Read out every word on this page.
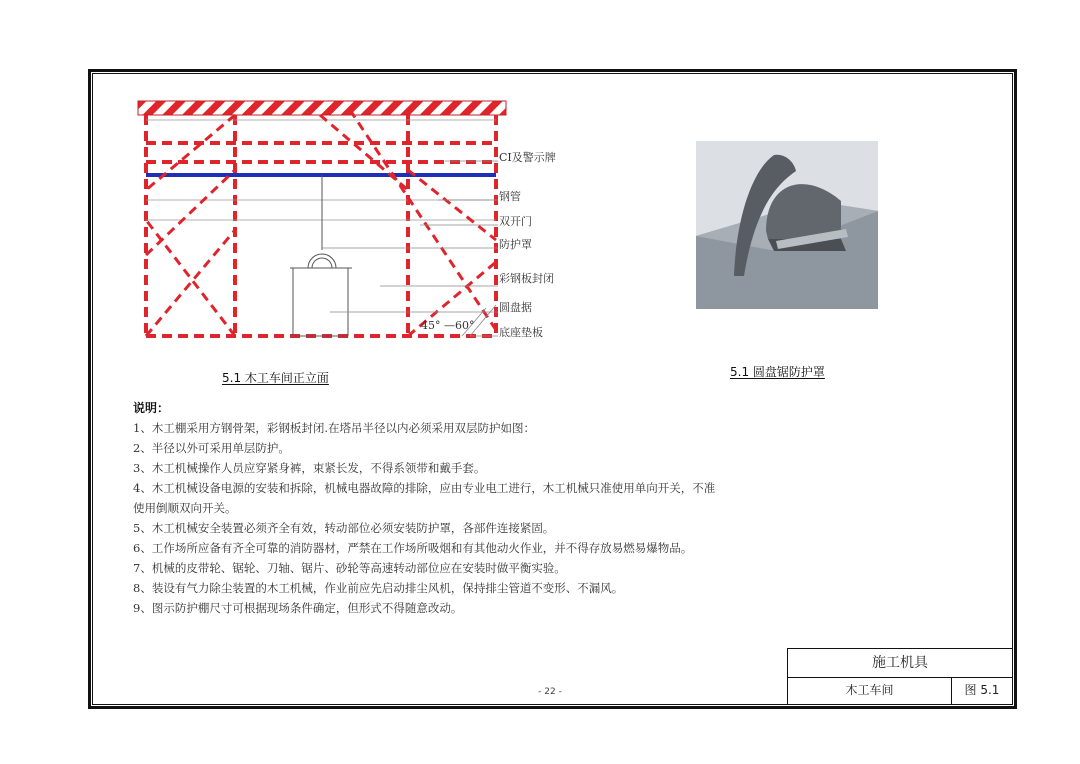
CI及警示牌
钢管
双开门
防护罩
彩钢板封闭
圆盘据
底座垫板
45° —60°
5.1 木工车间正立面	5.1 圆盘锯防护罩
说明：
1、木工棚采用方钢骨架，彩钢板封闭.在塔吊半径以内必须采用双层防护如图：
2、半径以外可采用单层防护。
3、木工机械操作人员应穿紧身裤，束紧长发，不得系领带和戴手套。
4、木工机械设备电源的安装和拆除，机械电器故障的排除，应由专业电工进行，木工机械只准使用单向开关，不准使用倒顺双向开关。
5、木工机械安全装置必须齐全有效，转动部位必须安装防护罩，各部件连接紧固。
6、工作场所应备有齐全可靠的消防器材，严禁在工作场所吸烟和有其他动火作业，并不得存放易燃易爆物品。
7、机械的皮带轮、锯轮、刀轴、锯片、砂轮等高速转动部位应在安装时做平衡实验。
8、装设有气力除尘装置的木工机械，作业前应先启动排尘风机，保持排尘管道不变形、不漏风。
9、图示防护棚尺寸可根据现场条件确定，但形式不得随意改动。
- 22 -
施工机具
木工车间	图 5.1
